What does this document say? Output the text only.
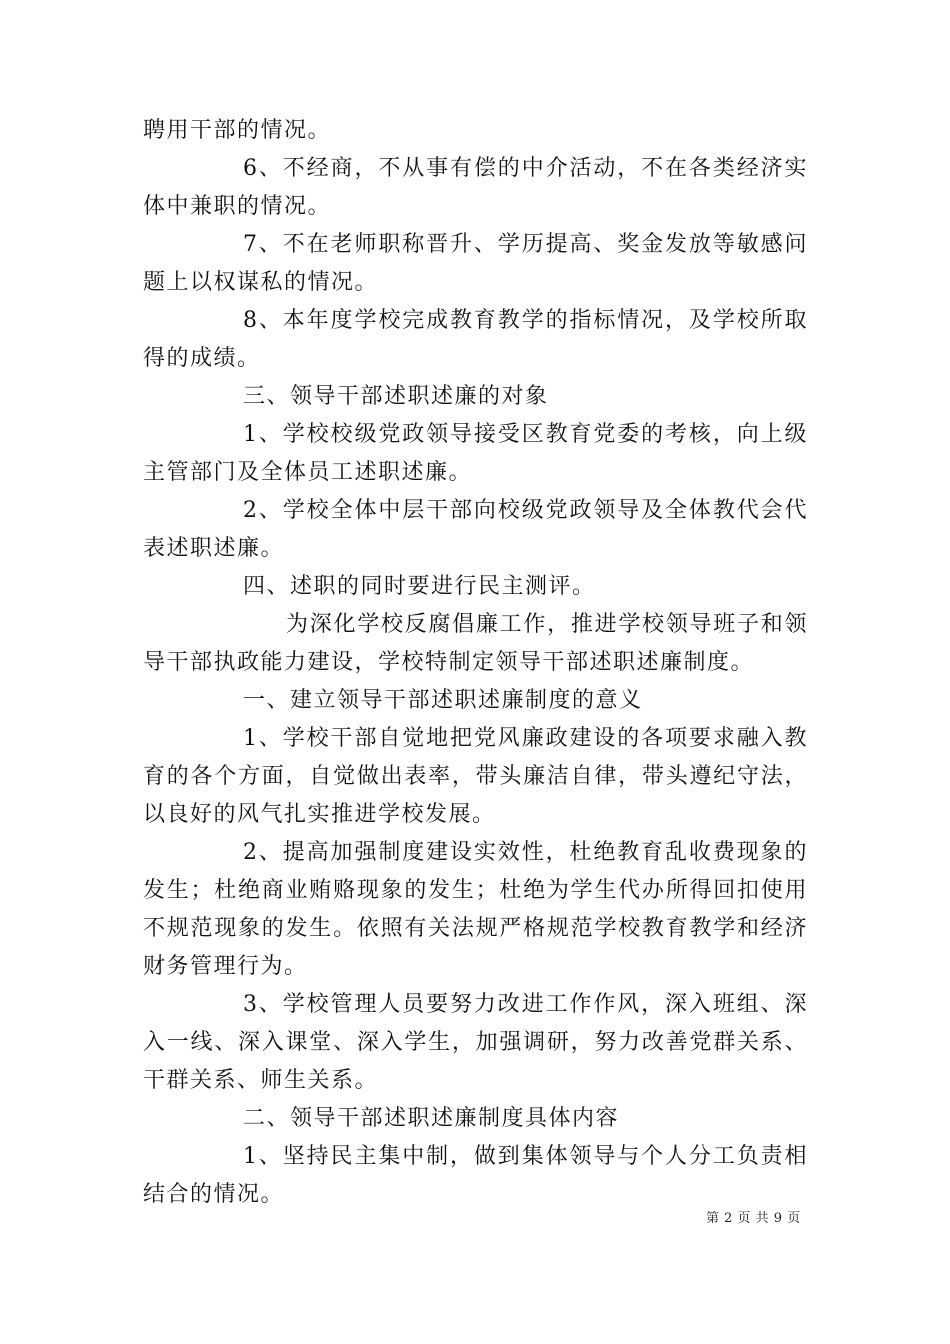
聘用干部的情况。

6、不经商，不从事有偿的中介活动，不在各类经济实体中兼职的情况。

7、不在老师职称晋升、学历提高、奖金发放等敏感问题上以权谋私的情况。

8、本年度学校完成教育教学的指标情况，及学校所取得的成绩。

三、领导干部述职述廉的对象

1、学校校级党政领导接受区教育党委的考核，向上级主管部门及全体员工述职述廉。

2、学校全体中层干部向校级党政领导及全体教代会代表述职述廉。

四、述职的同时要进行民主测评。

为深化学校反腐倡廉工作，推进学校领导班子和领导干部执政能力建设，学校特制定领导干部述职述廉制度。

一、建立领导干部述职述廉制度的意义

1、学校干部自觉地把党风廉政建设的各项要求融入教育的各个方面，自觉做出表率，带头廉洁自律，带头遵纪守法，以良好的风气扎实推进学校发展。

2、提高加强制度建设实效性，杜绝教育乱收费现象的发生；杜绝商业贿赂现象的发生；杜绝为学生代办所得回扣使用不规范现象的发生。依照有关法规严格规范学校教育教学和经济财务管理行为。

3、学校管理人员要努力改进工作作风，深入班组、深入一线、深入课堂、深入学生，加强调研，努力改善党群关系、干群关系、师生关系。

二、领导干部述职述廉制度具体内容

1、坚持民主集中制，做到集体领导与个人分工负责相结合的情况。

第 2 页 共 9 页
